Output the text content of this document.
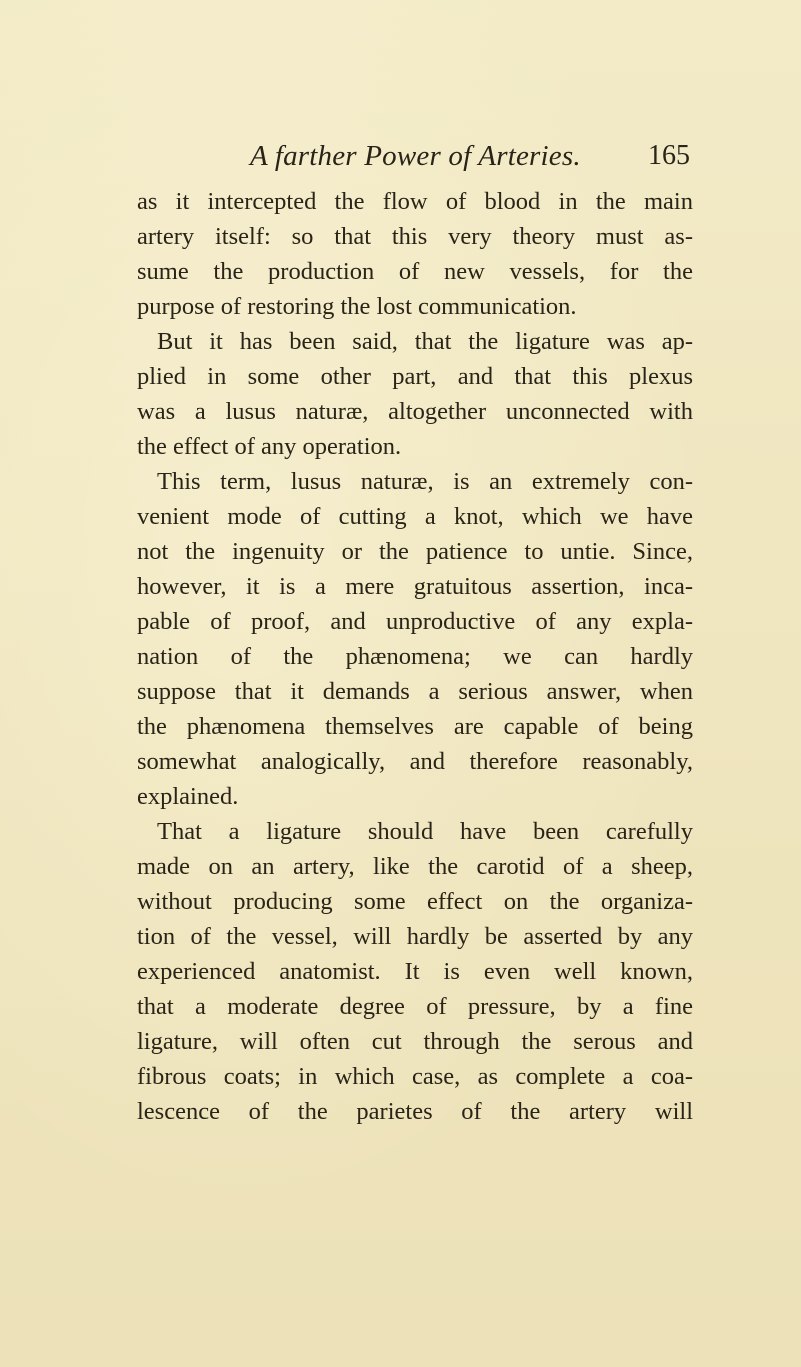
A farther Power of Arteries. 165
as it intercepted the flow of blood in the main
artery itself: so that this very theory must as-
sume the production of new vessels, for the
purpose of restoring the lost communication.
But it has been said, that the ligature was ap-
plied in some other part, and that this plexus
was a lusus naturæ, altogether unconnected with
the effect of any operation.
This term, lusus naturæ, is an extremely con-
venient mode of cutting a knot, which we have
not the ingenuity or the patience to untie. Since,
however, it is a mere gratuitous assertion, inca-
pable of proof, and unproductive of any expla-
nation of the phænomena; we can hardly
suppose that it demands a serious answer, when
the phænomena themselves are capable of being
somewhat analogically, and therefore reasonably,
explained.
That a ligature should have been carefully
made on an artery, like the carotid of a sheep,
without producing some effect on the organiza-
tion of the vessel, will hardly be asserted by any
experienced anatomist. It is even well known,
that a moderate degree of pressure, by a fine
ligature, will often cut through the serous and
fibrous coats; in which case, as complete a coa-
lescence of the parietes of the artery will
